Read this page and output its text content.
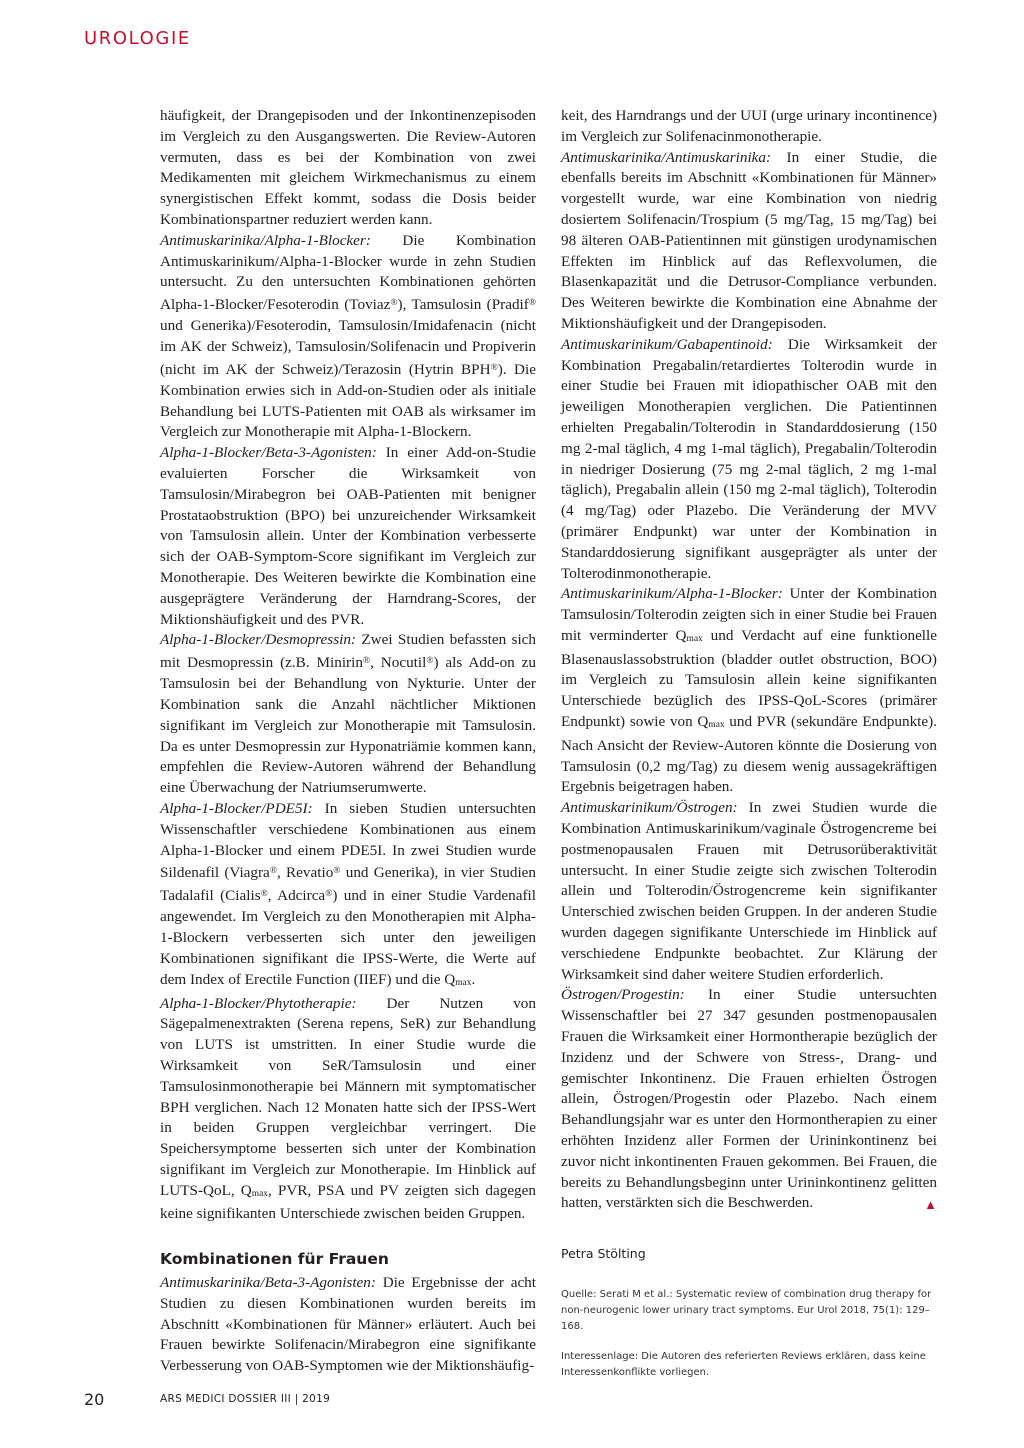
UROLOGIE

häufigkeit, der Drangepisoden und der Inkontinenzepisoden im Vergleich zu den Ausgangswerten. Die Review-Autoren vermuten, dass es bei der Kombination von zwei Medikamenten mit gleichem Wirkmechanismus zu einem synergistischen Effekt kommt, sodass die Dosis beider Kombinationspartner reduziert werden kann.

Antimuskarinika/Alpha-1-Blocker: Die Kombination Antimuskarinikum/Alpha-1-Blocker wurde in zehn Studien untersucht. Zu den untersuchten Kombinationen gehörten Alpha-1-Blocker/Fesoterodin (Toviaz®), Tamsulosin (Pradif® und Generika)/Fesoterodin, Tamsulosin/Imidafenacin (nicht im AK der Schweiz), Tamsulosin/Solifenacin und Propiverin (nicht im AK der Schweiz)/Terazosin (Hytrin BPH®). Die Kombination erwies sich in Add-on-Studien oder als initiale Behandlung bei LUTS-Patienten mit OAB als wirksamer im Vergleich zur Monotherapie mit Alpha-1-Blockern.

Alpha-1-Blocker/Beta-3-Agonisten: In einer Add-on-Studie evaluierten Forscher die Wirksamkeit von Tamsulosin/Mirabegron bei OAB-Patienten mit benigner Prostataobstruktion (BPO) bei unzureichender Wirksamkeit von Tamsulosin allein. Unter der Kombination verbesserte sich der OAB-Symptom-Score signifikant im Vergleich zur Monotherapie. Des Weiteren bewirkte die Kombination eine ausgeprägtere Veränderung der Harndrang-Scores, der Miktionshäufigkeit und des PVR.

Alpha-1-Blocker/Desmopressin: Zwei Studien befassten sich mit Desmopressin (z.B. Minirin®, Nocutil®) als Add-on zu Tamsulosin bei der Behandlung von Nykturie. Unter der Kombination sank die Anzahl nächtlicher Miktionen signifikant im Vergleich zur Monotherapie mit Tamsulosin. Da es unter Desmopressin zur Hyponatriämie kommen kann, empfehlen die Review-Autoren während der Behandlung eine Überwachung der Natriumserumwerte.

Alpha-1-Blocker/PDE5I: In sieben Studien untersuchten Wissenschaftler verschiedene Kombinationen aus einem Alpha-1-Blocker und einem PDE5I. In zwei Studien wurde Sildenafil (Viagra®, Revatio® und Generika), in vier Studien Tadalafil (Cialis®, Adcirca®) und in einer Studie Vardenafil angewendet. Im Vergleich zu den Monotherapien mit Alpha-1-Blockern verbesserten sich unter den jeweiligen Kombinationen signifikant die IPSS-Werte, die Werte auf dem Index of Erectile Function (IIEF) und die Qmax.

Alpha-1-Blocker/Phytotherapie: Der Nutzen von Sägepalmenextrakten (Serena repens, SeR) zur Behandlung von LUTS ist umstritten. In einer Studie wurde die Wirksamkeit von SeR/Tamsulosin und einer Tamsulosinmonotherapie bei Männern mit symptomatischer BPH verglichen. Nach 12 Monaten hatte sich der IPSS-Wert in beiden Gruppen vergleichbar verringert. Die Speichersymptome besserten sich unter der Kombination signifikant im Vergleich zur Monotherapie. Im Hinblick auf LUTS-QoL, Qmax, PVR, PSA und PV zeigten sich dagegen keine signifikanten Unterschiede zwischen beiden Gruppen.

Kombinationen für Frauen

Antimuskarinika/Beta-3-Agonisten: Die Ergebnisse der acht Studien zu diesen Kombinationen wurden bereits im Abschnitt «Kombinationen für Männer» erläutert. Auch bei Frauen bewirkte Solifenacin/Mirabegron eine signifikante Verbesserung von OAB-Symptomen wie der Miktionshäufig-

keit, des Harndrangs und der UUI (urge urinary incontinence) im Vergleich zur Solifenacinmonotherapie.

Antimuskarinika/Antimuskarinika: In einer Studie, die ebenfalls bereits im Abschnitt «Kombinationen für Männer» vorgestellt wurde, war eine Kombination von niedrig dosiertem Solifenacin/Trospium (5 mg/Tag, 15 mg/Tag) bei 98 älteren OAB-Patientinnen mit günstigen urodynamischen Effekten im Hinblick auf das Reflexvolumen, die Blasenkapazität und die Detrusor-Compliance verbunden. Des Weiteren bewirkte die Kombination eine Abnahme der Miktionshäufigkeit und der Drangepisoden.

Antimuskarinikum/Gabapentinoid: Die Wirksamkeit der Kombination Pregabalin/retardiertes Tolterodin wurde in einer Studie bei Frauen mit idiopathischer OAB mit den jeweiligen Monotherapien verglichen. Die Patientinnen erhielten Pregabalin/Tolterodin in Standarddosierung (150 mg 2-mal täglich, 4 mg 1-mal täglich), Pregabalin/Tolterodin in niedriger Dosierung (75 mg 2-mal täglich, 2 mg 1-mal täglich), Pregabalin allein (150 mg 2-mal täglich), Tolterodin (4 mg/Tag) oder Plazebo. Die Veränderung der MVV (primärer Endpunkt) war unter der Kombination in Standarddosierung signifikant ausgeprägter als unter der Tolterodinmonotherapie.

Antimuskarinikum/Alpha-1-Blocker: Unter der Kombination Tamsulosin/Tolterodin zeigten sich in einer Studie bei Frauen mit verminderter Qmax und Verdacht auf eine funktionelle Blasenauslassobstruktion (bladder outlet obstruction, BOO) im Vergleich zu Tamsulosin allein keine signifikanten Unterschiede bezüglich des IPSS-QoL-Scores (primärer Endpunkt) sowie von Qmax und PVR (sekundäre Endpunkte). Nach Ansicht der Review-Autoren könnte die Dosierung von Tamsulosin (0,2 mg/Tag) zu diesem wenig aussagekräftigen Ergebnis beigetragen haben.

Antimuskarinikum/Östrogen: In zwei Studien wurde die Kombination Antimuskarinikum/vaginale Östrogencreme bei postmenopausalen Frauen mit Detrusorüberaktivität untersucht. In einer Studie zeigte sich zwischen Tolterodin allein und Tolterodin/Östrogencreme kein signifikanter Unterschied zwischen beiden Gruppen. In der anderen Studie wurden dagegen signifikante Unterschiede im Hinblick auf verschiedene Endpunkte beobachtet. Zur Klärung der Wirksamkeit sind daher weitere Studien erforderlich.

Östrogen/Progestin: In einer Studie untersuchten Wissenschaftler bei 27 347 gesunden postmenopausalen Frauen die Wirksamkeit einer Hormontherapie bezüglich der Inzidenz und der Schwere von Stress-, Drang- und gemischter Inkontinenz. Die Frauen erhielten Östrogen allein, Östrogen/Progestin oder Plazebo. Nach einem Behandlungsjahr war es unter den Hormontherapien zu einer erhöhten Inzidenz aller Formen der Urininkontinenz bei zuvor nicht inkontinenten Frauen gekommen. Bei Frauen, die bereits zu Behandlungsbeginn unter Urininkontinenz gelitten hatten, verstärkten sich die Beschwerden.	▲

Petra Stölting
Quelle: Serati M et al.: Systematic review of combination drug therapy for non-neurogenic lower urinary tract symptoms. Eur Urol 2018, 75(1): 129–168.
Interessenlage: Die Autoren des referierten Reviews erklären, dass keine Interessenkonflikte vorliegen.
20	ARS MEDICI DOSSIER III | 2019
